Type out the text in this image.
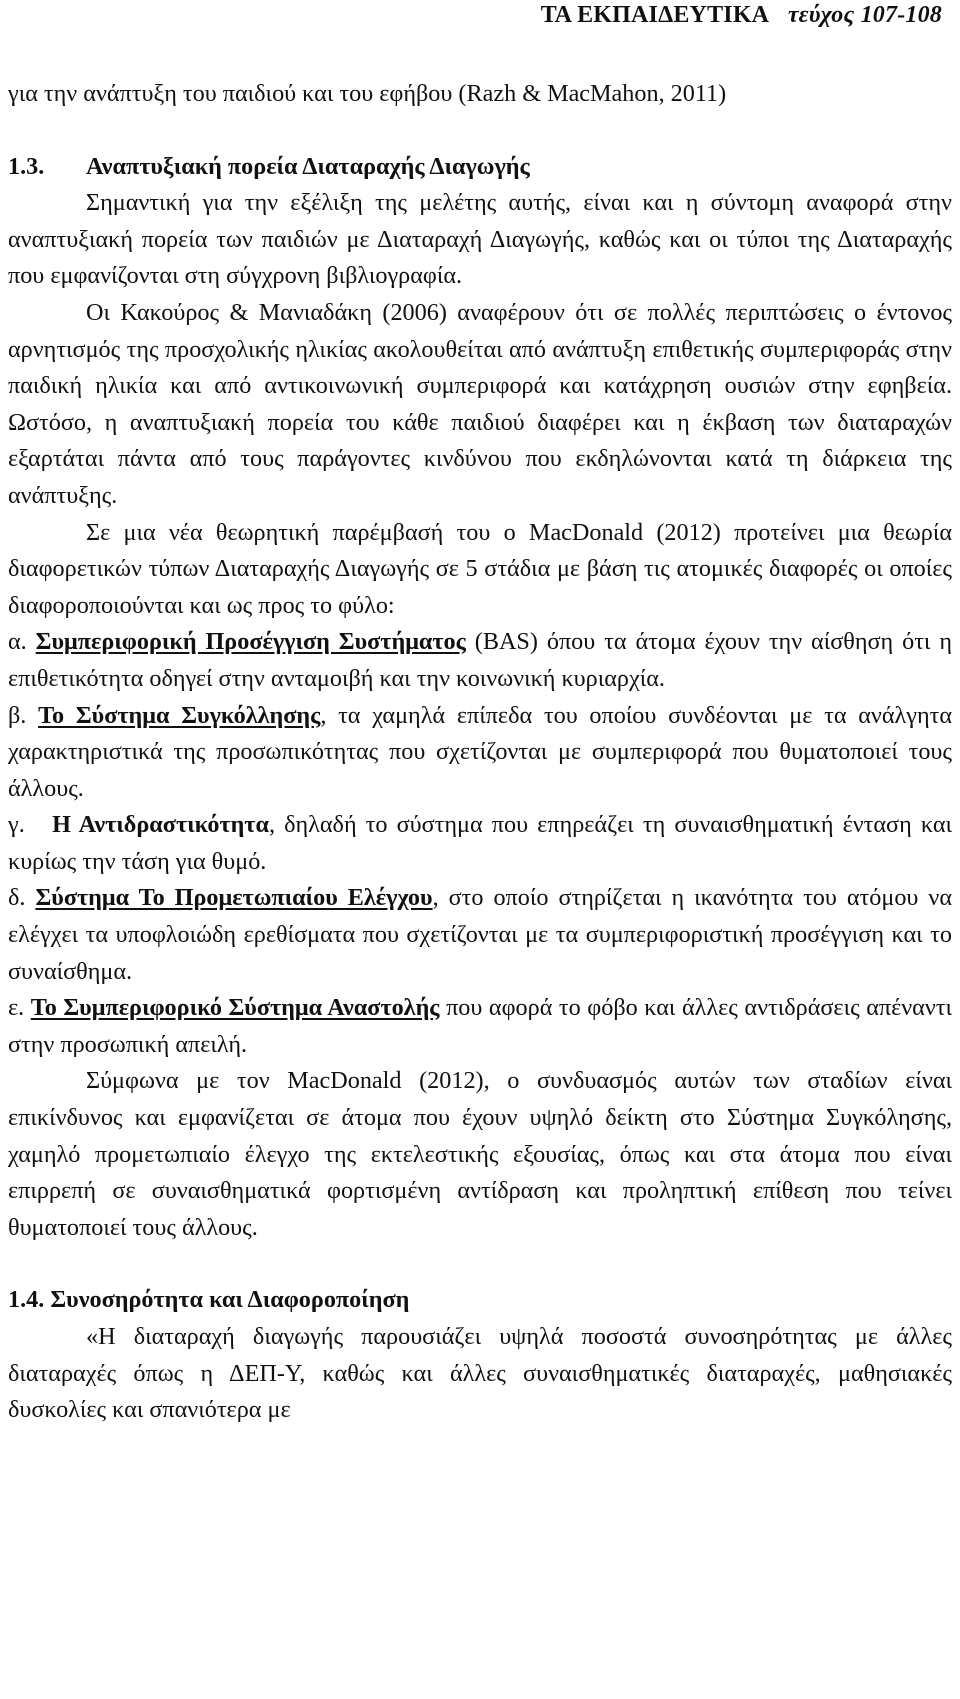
ΤΑ ΕΚΠΑΙΔΕΥΤΙΚΑ τεύχος 107-108

για την ανάπτυξη του παιδιού και του εφήβου (Razh & MacMahon, 2011)

1.3. Αναπτυξιακή πορεία Διαταραχής Διαγωγής

Σημαντική για την εξέλιξη της μελέτης αυτής, είναι και η σύντομη αναφορά στην αναπτυξιακή πορεία των παιδιών με Διαταραχή Διαγωγής, καθώς και οι τύποι της Διαταραχής που εμφανίζονται στη σύγχρονη βιβλιογραφία.

Οι Κακούρος & Μανιαδάκη (2006) αναφέρουν ότι σε πολλές περιπτώσεις ο έντονος αρνητισμός της προσχολικής ηλικίας ακολουθείται από ανάπτυξη επιθετικής συμπεριφοράς στην παιδική ηλικία και από αντικοινωνική συμπεριφορά και κατάχρηση ουσιών στην εφηβεία. Ωστόσο, η αναπτυξιακή πορεία του κάθε παιδιού διαφέρει και η έκβαση των διαταραχών εξαρτάται πάντα από τους παράγοντες κινδύνου που εκδηλώνονται κατά τη διάρκεια της ανάπτυξης.

Σε μια νέα θεωρητική παρέμβασή του ο MacDonald (2012) προτείνει μια θεωρία διαφορετικών τύπων Διαταραχής Διαγωγής σε 5 στάδια με βάση τις ατομικές διαφορές οι οποίες διαφοροποιούνται και ως προς το φύλο:

α. Συμπεριφορική Προσέγγιση Συστήματος (BAS) όπου τα άτομα έχουν την αίσθηση ότι η επιθετικότητα οδηγεί στην ανταμοιβή και την κοινωνική κυριαρχία.

β. Το Σύστημα Συγκόλλησης, τα χαμηλά επίπεδα του οποίου συνδέονται με τα ανάλγητα χαρακτηριστικά της προσωπικότητας που σχετίζονται με συμπεριφορά που θυματοποιεί τους άλλους.

γ. Η Αντιδραστικότητα, δηλαδή το σύστημα που επηρεάζει τη συναισθηματική ένταση και κυρίως την τάση για θυμό.

δ. Σύστημα Το Προμετωπιαίου Ελέγχου, στο οποίο στηρίζεται η ικανότητα του ατόμου να ελέγχει τα υποφλοιώδη ερεθίσματα που σχετίζονται με τα συμπεριφοριστική προσέγγιση και το συναίσθημα.

ε. Το Συμπεριφορικό Σύστημα Αναστολής που αφορά το φόβο και άλλες αντιδράσεις απέναντι στην προσωπική απειλή.

Σύμφωνα με τον MacDonald (2012), ο συνδυασμός αυτών των σταδίων είναι επικίνδυνος και εμφανίζεται σε άτομα που έχουν υψηλό δείκτη στο Σύστημα Συγκόλησης, χαμηλό προμετωπιαίο έλεγχο της εκτελεστικής εξουσίας, όπως και στα άτομα που είναι επιρρεπή σε συναισθηματικά φορτισμένη αντίδραση και προληπτική επίθεση που τείνει θυματοποιεί τους άλλους.

1.4. Συνοσηρότητα και Διαφοροποίηση

«Η διαταραχή διαγωγής παρουσιάζει υψηλά ποσοστά συνοσηρότητας με άλλες διαταραχές όπως η ΔΕΠ-Υ, καθώς και άλλες συναισθηματικές διαταραχές, μαθησιακές δυσκολίες και σπανιότερα με
